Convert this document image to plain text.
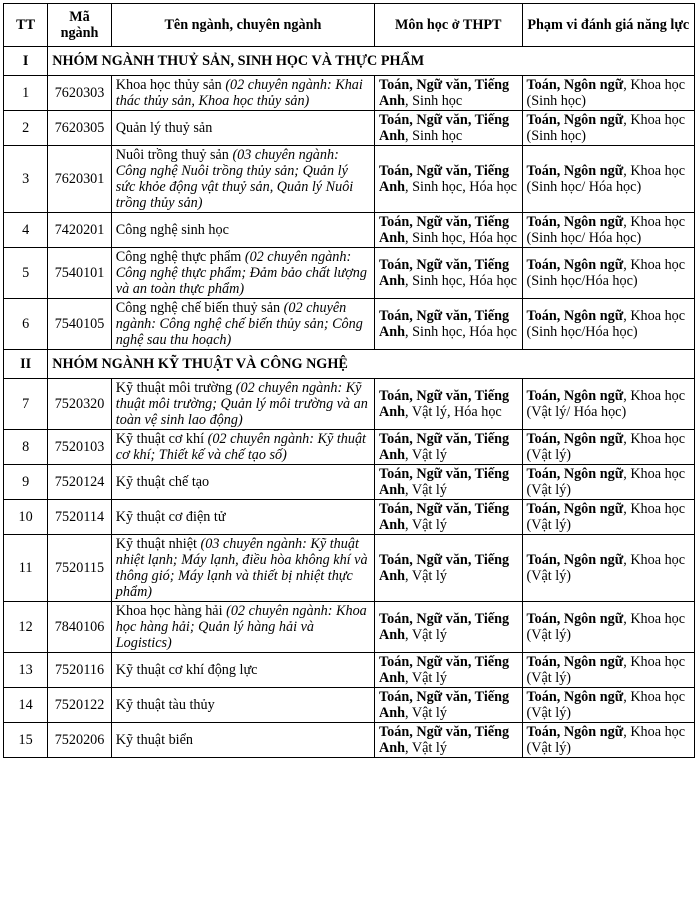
TT	Mã ngành	Tên ngành, chuyên ngành	Môn học ở THPT	Phạm vi đánh giá năng lực
I	NHÓM NGÀNH THUỶ SẢN, SINH HỌC VÀ THỰC PHẨM			
1	7620303	Khoa học thủy sản (02 chuyên ngành: Khai thác thủy sản, Khoa học thủy sản)	Toán, Ngữ văn, Tiếng Anh, Sinh học	Toán, Ngôn ngữ, Khoa học (Sinh học)
2	7620305	Quản lý thuỷ sản	Toán, Ngữ văn, Tiếng Anh, Sinh học	Toán, Ngôn ngữ, Khoa học (Sinh học)
3	7620301	Nuôi trồng thuỷ sản (03 chuyên ngành: Công nghệ Nuôi trồng thủy sản; Quản lý sức khỏe động vật thuỷ sản, Quản lý Nuôi trồng thủy sản)	Toán, Ngữ văn, Tiếng Anh, Sinh học, Hóa học	Toán, Ngôn ngữ, Khoa học (Sinh học/ Hóa học)
4	7420201	Công nghệ sinh học	Toán, Ngữ văn, Tiếng Anh, Sinh học, Hóa học	Toán, Ngôn ngữ, Khoa học (Sinh học/ Hóa học)
5	7540101	Công nghệ thực phẩm (02 chuyên ngành: Công nghệ thực phẩm; Đảm bảo chất lượng và an toàn thực phẩm)	Toán, Ngữ văn, Tiếng Anh, Sinh học, Hóa học	Toán, Ngôn ngữ, Khoa học (Sinh học/Hóa học)
6	7540105	Công nghệ chế biến thuỷ sản (02 chuyên ngành: Công nghệ chế biến thủy sản; Công nghệ sau thu hoạch)	Toán, Ngữ văn, Tiếng Anh, Sinh học, Hóa học	Toán, Ngôn ngữ, Khoa học (Sinh học/Hóa học)
II	NHÓM NGÀNH KỸ THUẬT VÀ CÔNG NGHỆ			
7	7520320	Kỹ thuật môi trường (02 chuyên ngành: Kỹ thuật môi trường; Quản lý môi trường và an toàn vệ sinh lao động)	Toán, Ngữ văn, Tiếng Anh, Vật lý, Hóa học	Toán, Ngôn ngữ, Khoa học (Vật lý/ Hóa học)
8	7520103	Kỹ thuật cơ khí (02 chuyên ngành: Kỹ thuật cơ khí; Thiết kế và chế tạo số)	Toán, Ngữ văn, Tiếng Anh, Vật lý	Toán, Ngôn ngữ, Khoa học (Vật lý)
9	7520124	Kỹ thuật chế tạo	Toán, Ngữ văn, Tiếng Anh, Vật lý	Toán, Ngôn ngữ, Khoa học (Vật lý)
10	7520114	Kỹ thuật cơ điện tử	Toán, Ngữ văn, Tiếng Anh, Vật lý	Toán, Ngôn ngữ, Khoa học (Vật lý)
11	7520115	Kỹ thuật nhiệt (03 chuyên ngành: Kỹ thuật nhiệt lạnh; Máy lạnh, điều hòa không khí và thông gió; Máy lạnh và thiết bị nhiệt thực phẩm)	Toán, Ngữ văn, Tiếng Anh, Vật lý	Toán, Ngôn ngữ, Khoa học (Vật lý)
12	7840106	Khoa học hàng hải (02 chuyên ngành: Khoa học hàng hải; Quản lý hàng hải và Logistics)	Toán, Ngữ văn, Tiếng Anh, Vật lý	Toán, Ngôn ngữ, Khoa học (Vật lý)
13	7520116	Kỹ thuật cơ khí động lực	Toán, Ngữ văn, Tiếng Anh, Vật lý	Toán, Ngôn ngữ, Khoa học (Vật lý)
14	7520122	Kỹ thuật tàu thủy	Toán, Ngữ văn, Tiếng Anh, Vật lý	Toán, Ngôn ngữ, Khoa học (Vật lý)
15	7520206	Kỹ thuật biển	Toán, Ngữ văn, Tiếng Anh, Vật lý	Toán, Ngôn ngữ, Khoa học (Vật lý)
